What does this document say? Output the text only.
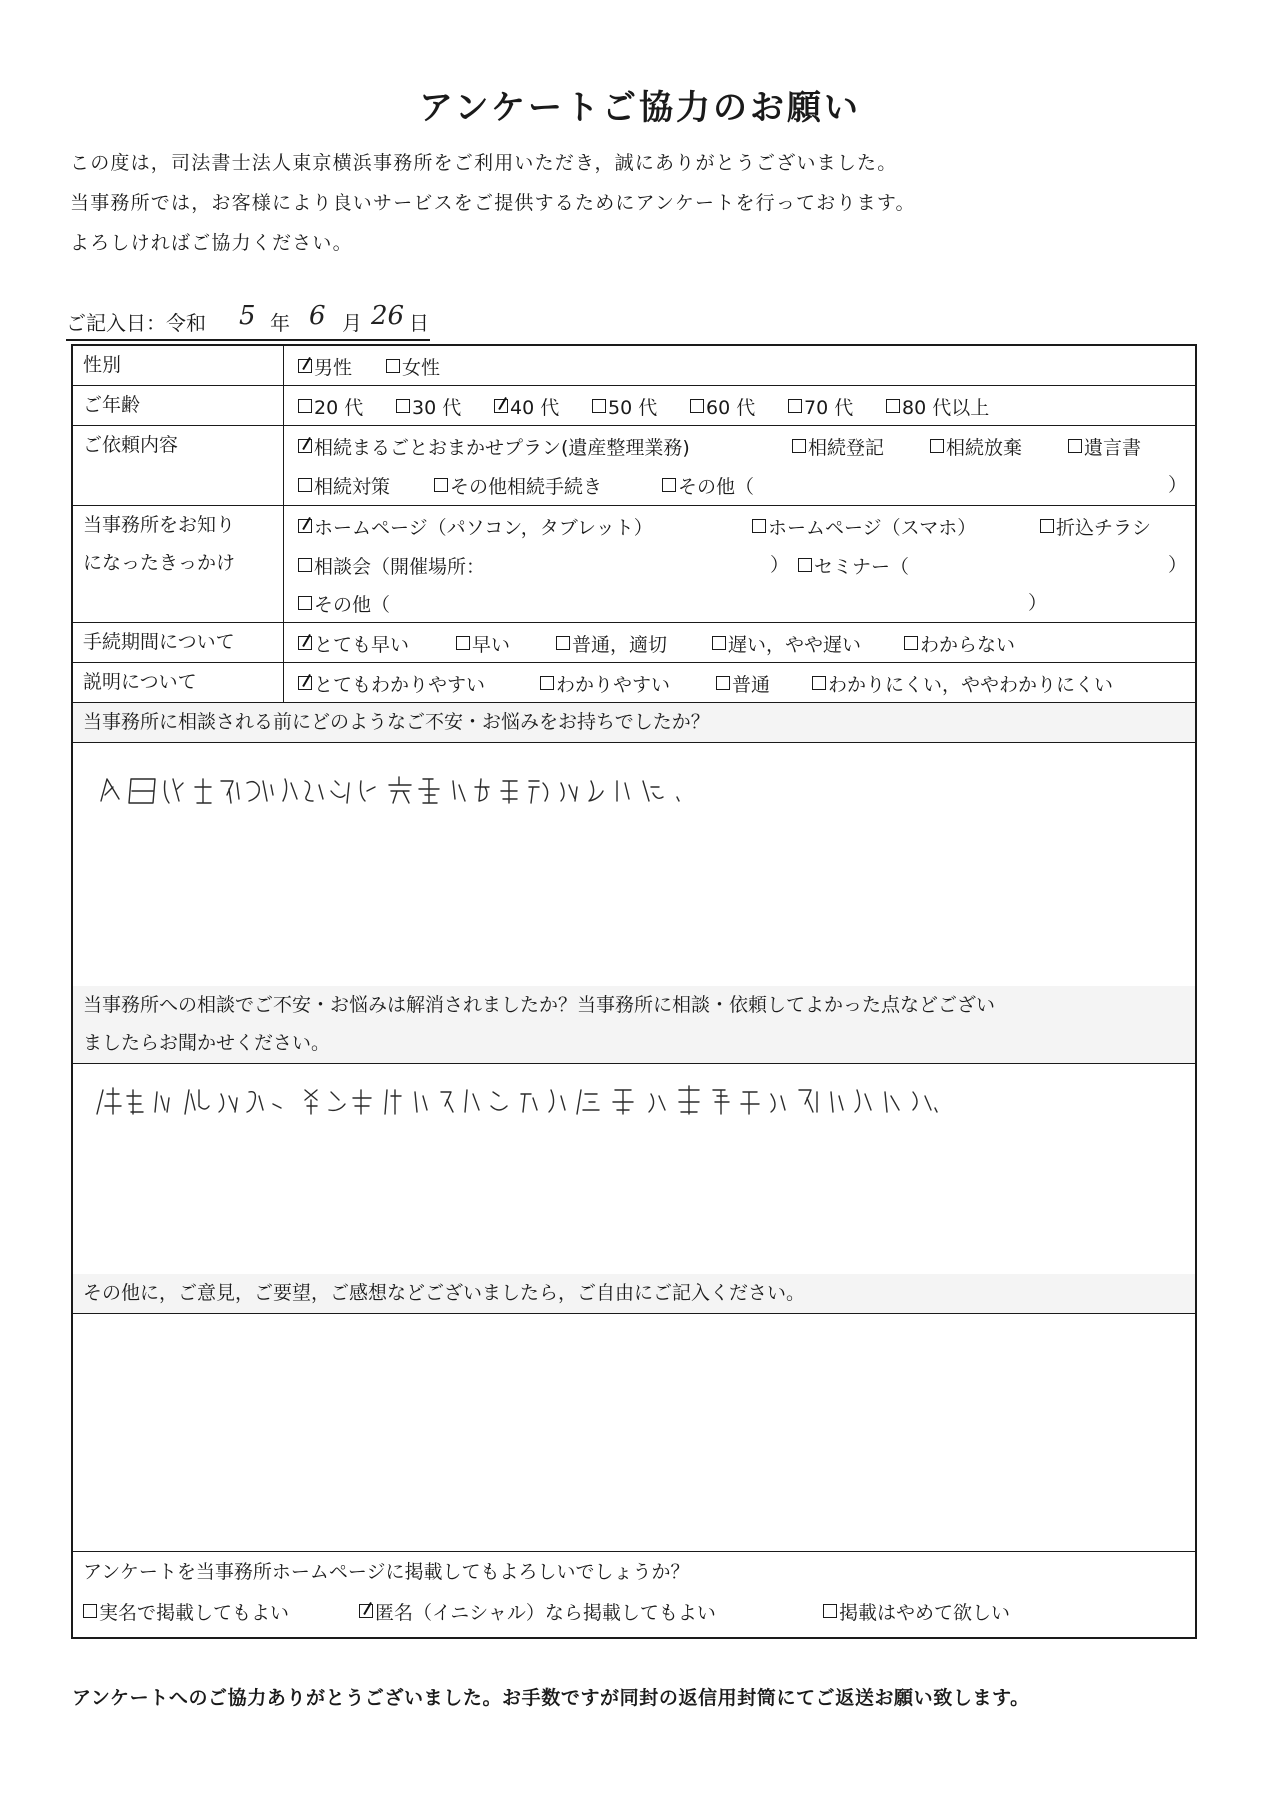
アンケートご協力のお願い
この度は，司法書士法人東京横浜事務所をご利用いただき，誠にありがとうございました。
当事務所では，お客様により良いサービスをご提供するためにアンケートを行っております。
よろしければご協力ください。
ご記入日：令和 5 年 6 月 26 日
性別	男性	女性
ご年齢	20 代	30 代	40 代	50 代	60 代	70 代	80 代以上
ご依頼内容	相続まるごとおまかせプラン(遺産整理業務)	相続登記	相続放棄	遺言書
相続対策	その他相続手続き	その他（	）
当事務所をお知り
になったきっかけ
ホームページ（パソコン，タブレット）	ホームページ（スマホ）	折込チラシ
相談会（開催場所：	） セミナー（	）
その他（	）
手続期間について	とても早い	早い	普通，適切	遅い，やや遅い	わからない
説明について	とてもわかりやすい	わかりやすい	普通	わかりにくい，ややわかりにくい
当事務所に相談される前にどのようなご不安・お悩みをお持ちでしたか？
当事務所への相談でご不安・お悩みは解消されましたか？当事務所に相談・依頼してよかった点などござい
ましたらお聞かせください。
その他に，ご意見，ご要望，ご感想などございましたら，ご自由にご記入ください。
アンケートを当事務所ホームページに掲載してもよろしいでしょうか？
実名で掲載してもよい	匿名（イニシャル）なら掲載してもよい	掲載はやめて欲しい
アンケートへのご協力ありがとうございました。お手数ですが同封の返信用封筒にてご返送お願い致します。
